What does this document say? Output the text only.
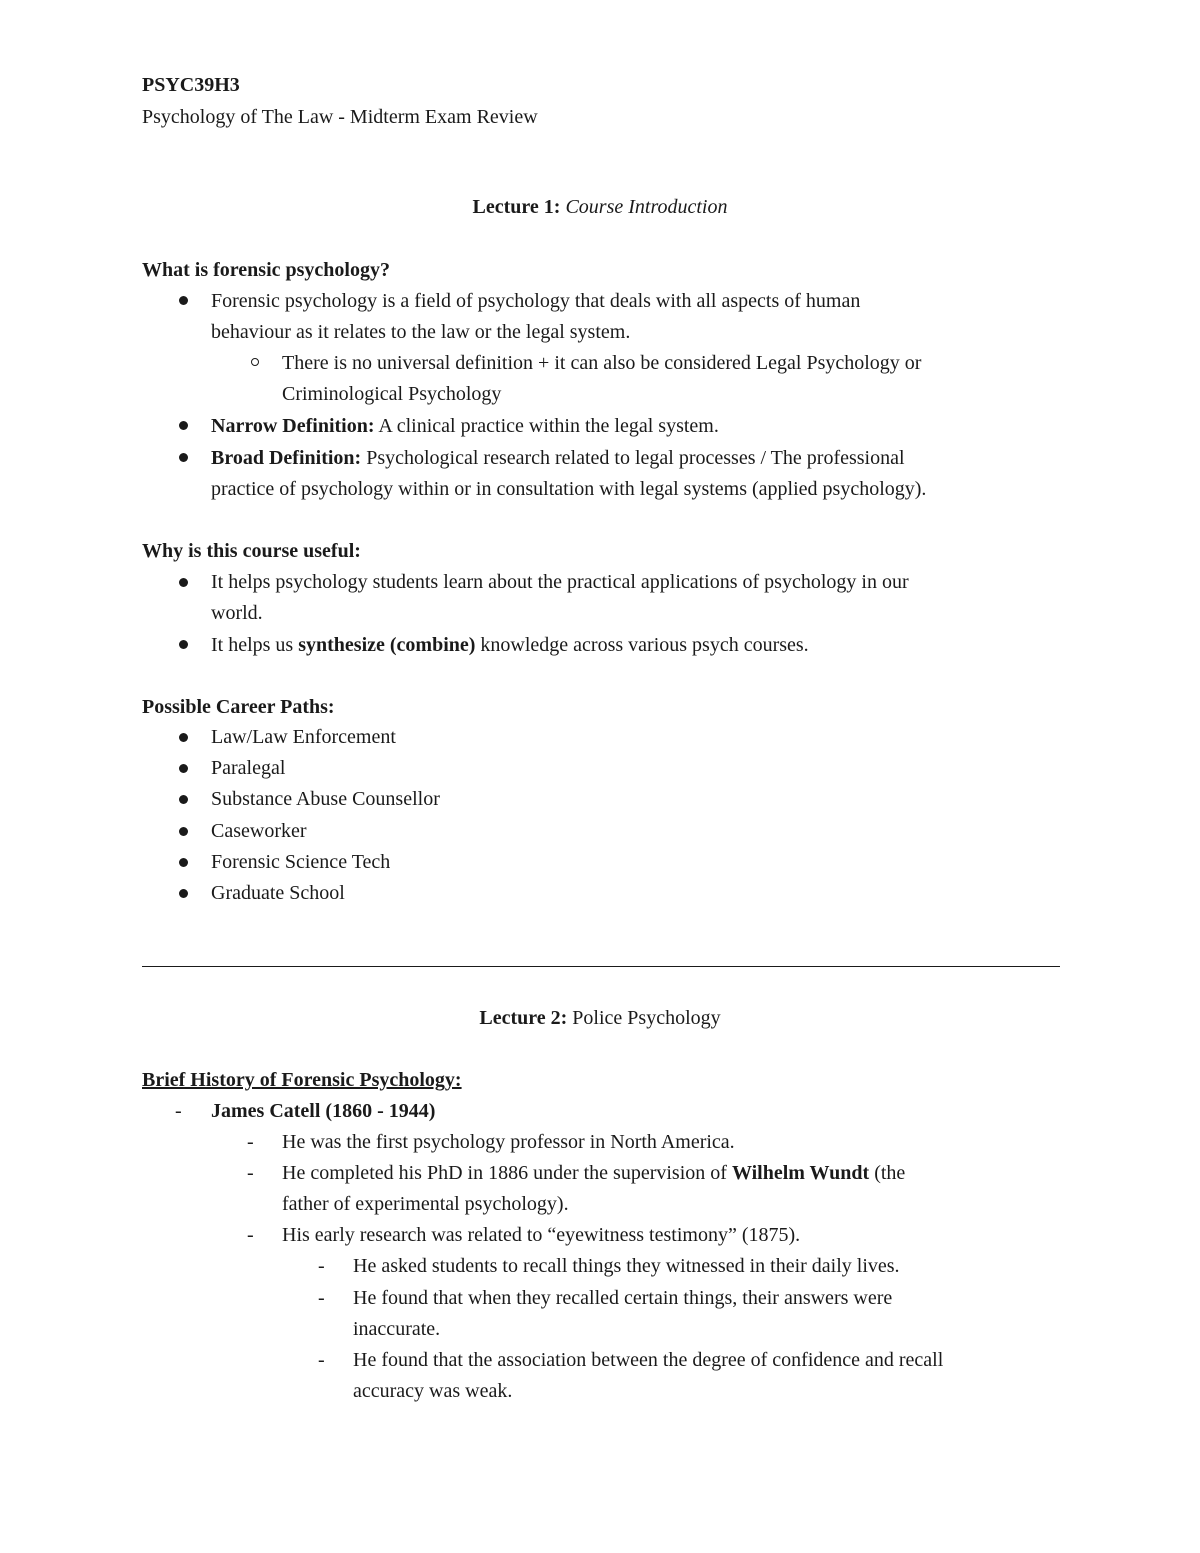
PSYC39H3
Psychology of The Law - Midterm Exam Review
Lecture 1: Course Introduction
What is forensic psychology?
Forensic psychology is a field of psychology that deals with all aspects of human
behaviour as it relates to the law or the legal system.
There is no universal definition + it can also be considered Legal Psychology or
Criminological Psychology
Narrow Definition: A clinical practice within the legal system.
Broad Definition: Psychological research related to legal processes / The professional
practice of psychology within or in consultation with legal systems (applied psychology).
Why is this course useful:
It helps psychology students learn about the practical applications of psychology in our
world.
It helps us synthesize (combine) knowledge across various psych courses.
Possible Career Paths:
Law/Law Enforcement
Paralegal
Substance Abuse Counsellor
Caseworker
Forensic Science Tech
Graduate School
Lecture 2: Police Psychology
Brief History of Forensic Psychology:
- James Catell (1860 - 1944)
- He was the first psychology professor in North America.
- He completed his PhD in 1886 under the supervision of Wilhelm Wundt (the
father of experimental psychology).
- His early research was related to “eyewitness testimony” (1875).
- He asked students to recall things they witnessed in their daily lives.
- He found that when they recalled certain things, their answers were
inaccurate.
- He found that the association between the degree of confidence and recall
accuracy was weak.
